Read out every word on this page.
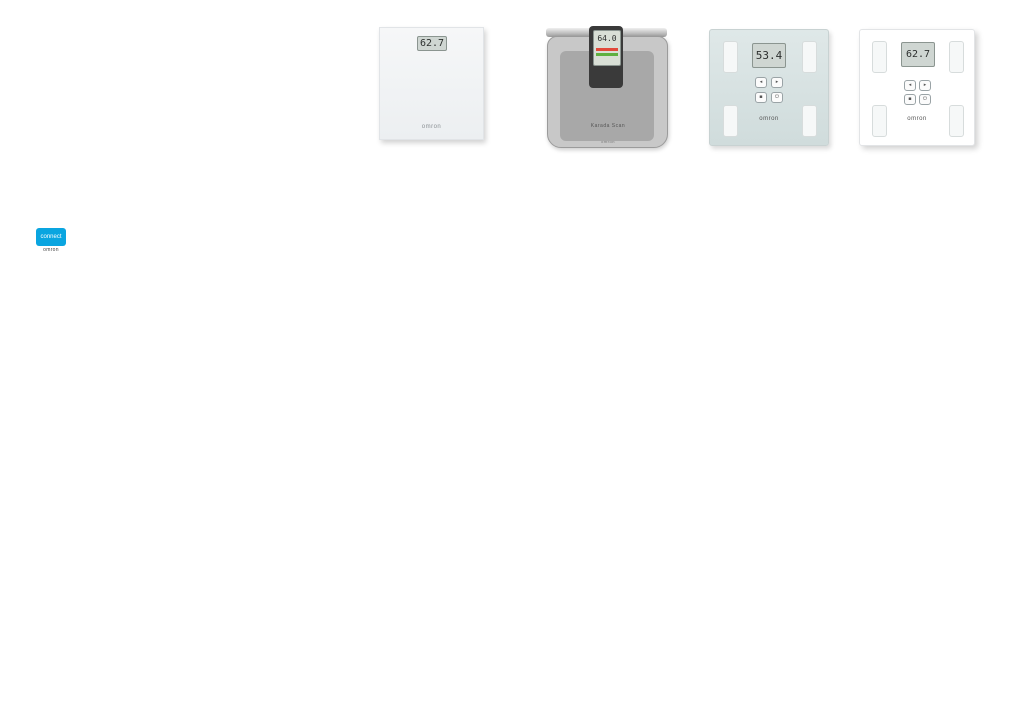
62.7
omron	Karada Scan
omron
64.0
53.4
◂	▸
▪	⏻
omron
62.7
◂	▸
▪	⏻
omron
connect
omron
